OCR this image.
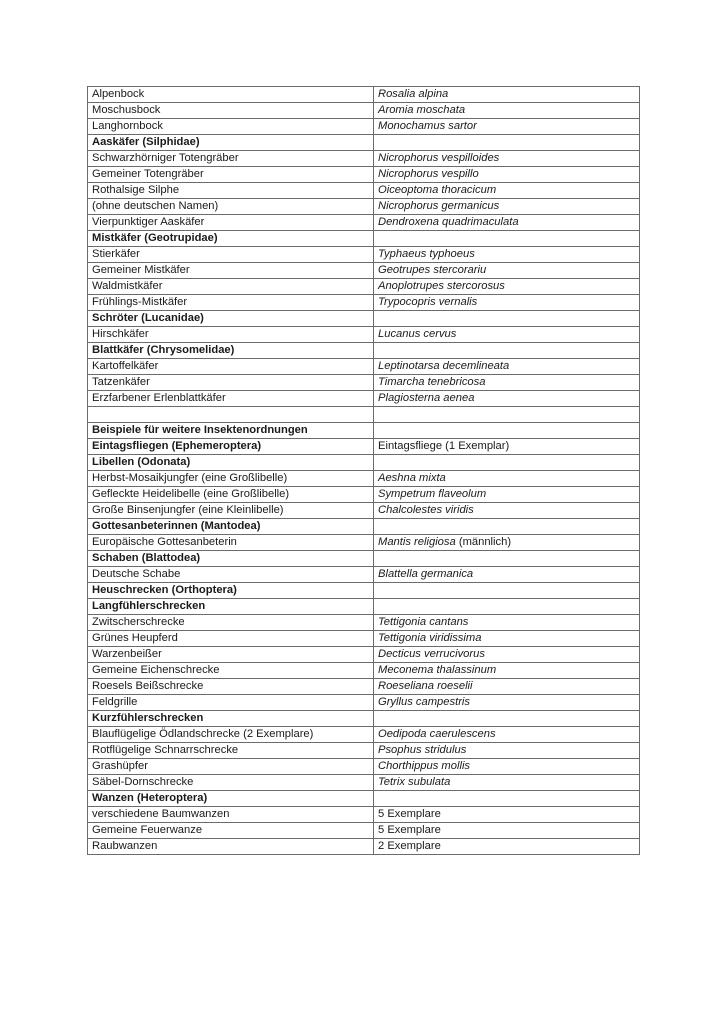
Alpenbock	Rosalia alpina
Moschusbock	Aromia moschata
Langhornbock	Monochamus sartor
Aaskäfer (Silphidae)	
Schwarzhörniger Totengräber	Nicrophorus vespilloides
Gemeiner Totengräber	Nicrophorus vespillo
Rothalsige Silphe	Oiceoptoma thoracicum
(ohne deutschen Namen)	Nicrophorus germanicus
Vierpunktiger Aaskäfer	Dendroxena quadrimaculata
Mistkäfer (Geotrupidae)	
Stierkäfer	Typhaeus typhoeus
Gemeiner Mistkäfer	Geotrupes stercorariu
Waldmistkäfer	Anoplotrupes stercorosus
Frühlings-Mistkäfer	Trypocopris vernalis
Schröter (Lucanidae)	
Hirschkäfer	Lucanus cervus
Blattkäfer (Chrysomelidae)	
Kartoffelkäfer	Leptinotarsa decemlineata
Tatzenkäfer	Timarcha tenebricosa
Erzfarbener Erlenblattkäfer	Plagiosterna aenea

Beispiele für weitere Insektenordnungen	
Eintagsfliegen (Ephemeroptera)	Eintagsfliege (1 Exemplar)
Libellen (Odonata)	
Herbst-Mosaikjungfer (eine Großlibelle)	Aeshna mixta
Gefleckte Heidelibelle (eine Großlibelle)	Sympetrum flaveolum
Große Binsenjungfer (eine Kleinlibelle)	Chalcolestes viridis
Gottesanbeterinnen (Mantodea)	
Europäische Gottesanbeterin	Mantis religiosa (männlich)
Schaben (Blattodea)	
Deutsche Schabe	Blattella germanica
Heuschrecken (Orthoptera)	
Langfühlerschrecken	
Zwitscherschrecke	Tettigonia cantans
Grünes Heupferd	Tettigonia viridissima
Warzenbeißer	Decticus verrucivorus
Gemeine Eichenschrecke	Meconema thalassinum
Roesels Beißschrecke	Roeseliana roeselii
Feldgrille	Gryllus campestris
Kurzfühlerschrecken	
Blauflügelige Ödlandschrecke (2 Exemplare)	Oedipoda caerulescens
Rotflügelige Schnarrschrecke	Psophus stridulus
Grashüpfer	Chorthippus mollis
Säbel-Dornschrecke	Tetrix subulata
Wanzen (Heteroptera)	
verschiedene Baumwanzen	5 Exemplare
Gemeine Feuerwanze	5 Exemplare
Raubwanzen	2 Exemplare
